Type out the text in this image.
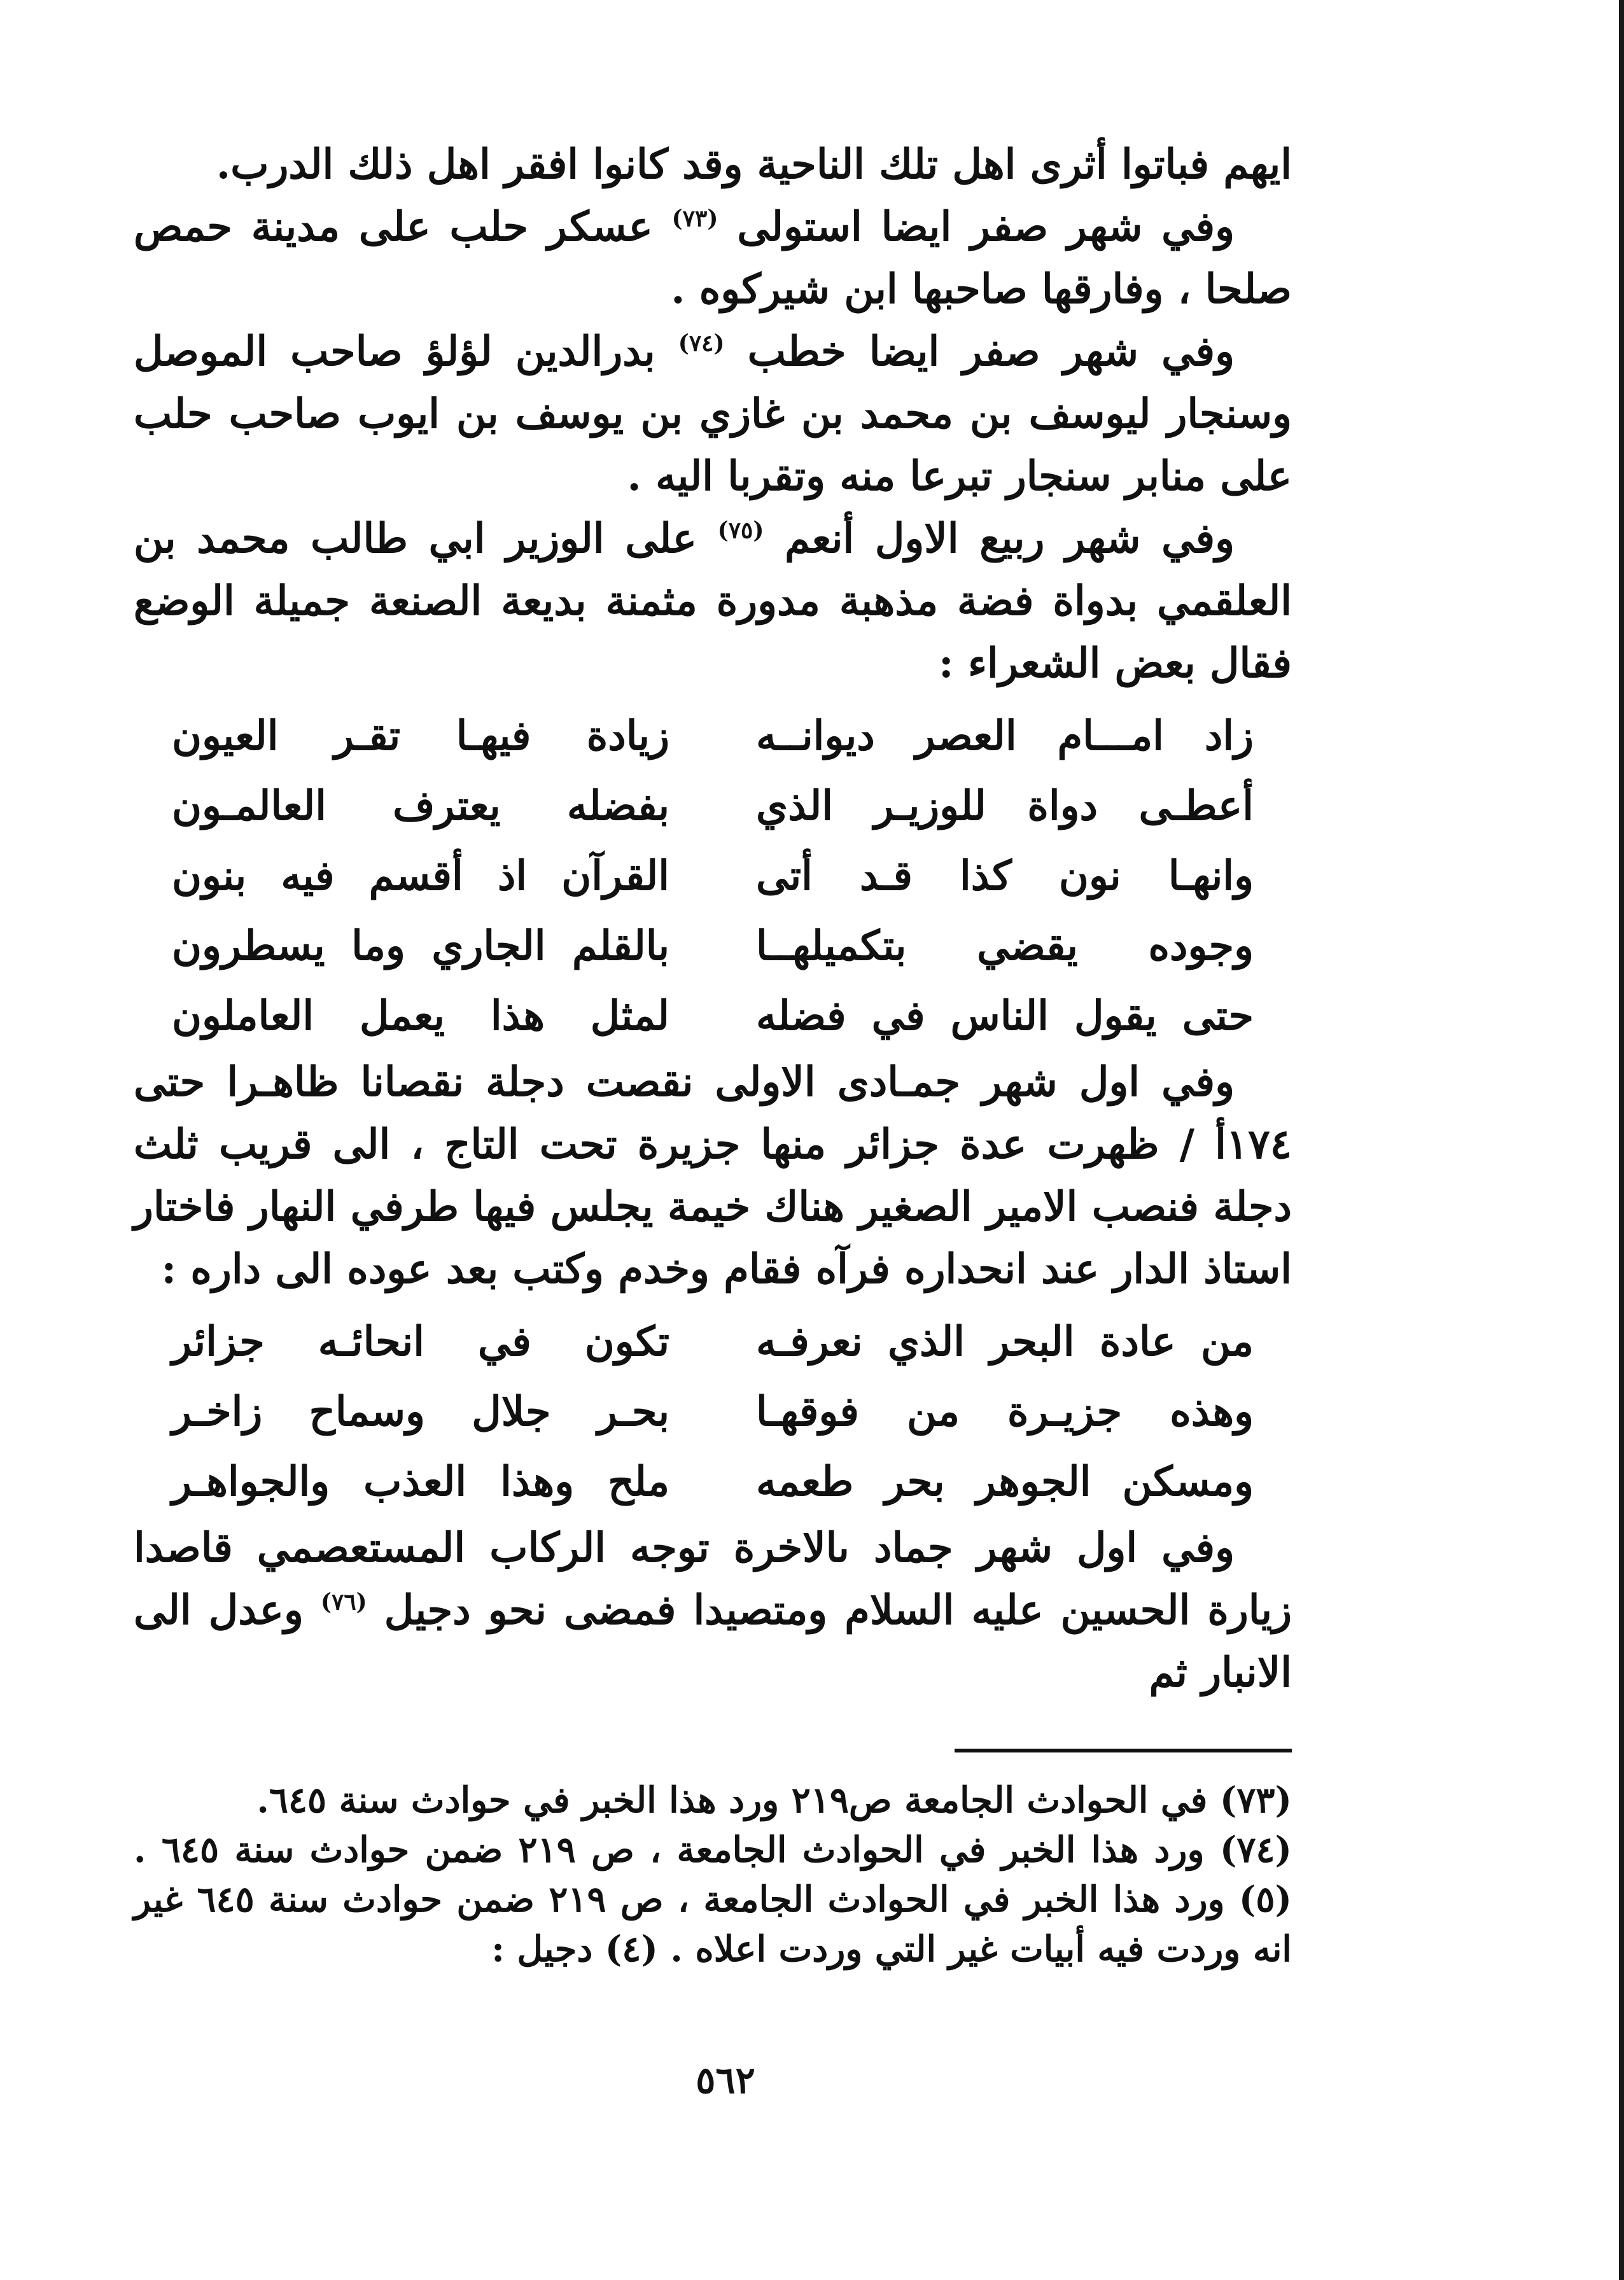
ايهم فباتوا أثرى اهل تلك الناحية وقد كانوا افقر اهل ذلك الدرب.

وفي شهر صفر ايضا استولى $^{(٧٣)}$ عسكر حلب على مدينة حمص صلحا ، وفارقها صاحبها ابن شيركوه .

وفي شهر صفر ايضا خطب $^{(٧٤)}$ بدرالدين لؤلؤ صاحب الموصل وسنجار ليوسف بن محمد بن غازي بن يوسف بن ايوب صاحب حلب على منابر سنجار تبرعا منه وتقربا اليه .

وفي شهر ربيع الاول أنعم $^{(٧٥)}$ على الوزير ابي طالب محمد بن العلقمي بدواة فضة مذهبة مدورة مثمنة بديعة الصنعة جميلة الوضع فقال بعض الشعراء :

زاد امـــام العصر ديوانــه
زيادة فيهـا تقـر العيون
أعطـى دواة للوزيـر الذي
بفضله يعترف العالمـون
وانهـا نون كذا قـد أتى
القرآن اذ أقسم فيه بنون
وجوده يقضي بتكميلهــا
بالقلم الجاري وما يسطرون
حتى يقول الناس في فضله
لمثل هذا يعمل العاملون

وفي اول شهر جمـادى الاولى نقصت دجلة نقصانا ظاهـرا حتى ١٧٤أ / ظهرت عدة جزائر منها جزيرة تحت التاج ، الى قريب ثلث دجلة فنصب الامير الصغير هناك خيمة يجلس فيها طرفي النهار فاختار استاذ الدار عند انحداره فرآه فقام وخدم وكتب بعد عوده الى داره :

من عادة البحر الذي نعرفـه
تكون في انحائـه جزائر
وهذه جزيـرة من فوقهـا
بحـر جلال وسماح زاخـر
ومسكن الجوهر بحر طعمه
ملح وهذا العذب والجواهـر

وفي اول شهر جماد ىالاخرة توجه الركاب المستعصمي قاصدا زيارة الحسين عليه السلام ومتصيدا فمضى نحو دجيل $^{(٧٦)}$ وعدل الى الانبار ثم

(٧٣) في الحوادث الجامعة ص٢١٩ ورد هذا الخبر في حوادث سنة ٦٤٥.

(٧٤) ورد هذا الخبر في الحوادث الجامعة ، ص ٢١٩ ضمن حوادث سنة ٦٤٥ . (٥) ورد هذا الخبر في الحوادث الجامعة ، ص ٢١٩ ضمن حوادث سنة ٦٤٥ غير انه وردت فيه أبيات غير التي وردت اعلاه . (٤) دجيل :

٥٦٢
